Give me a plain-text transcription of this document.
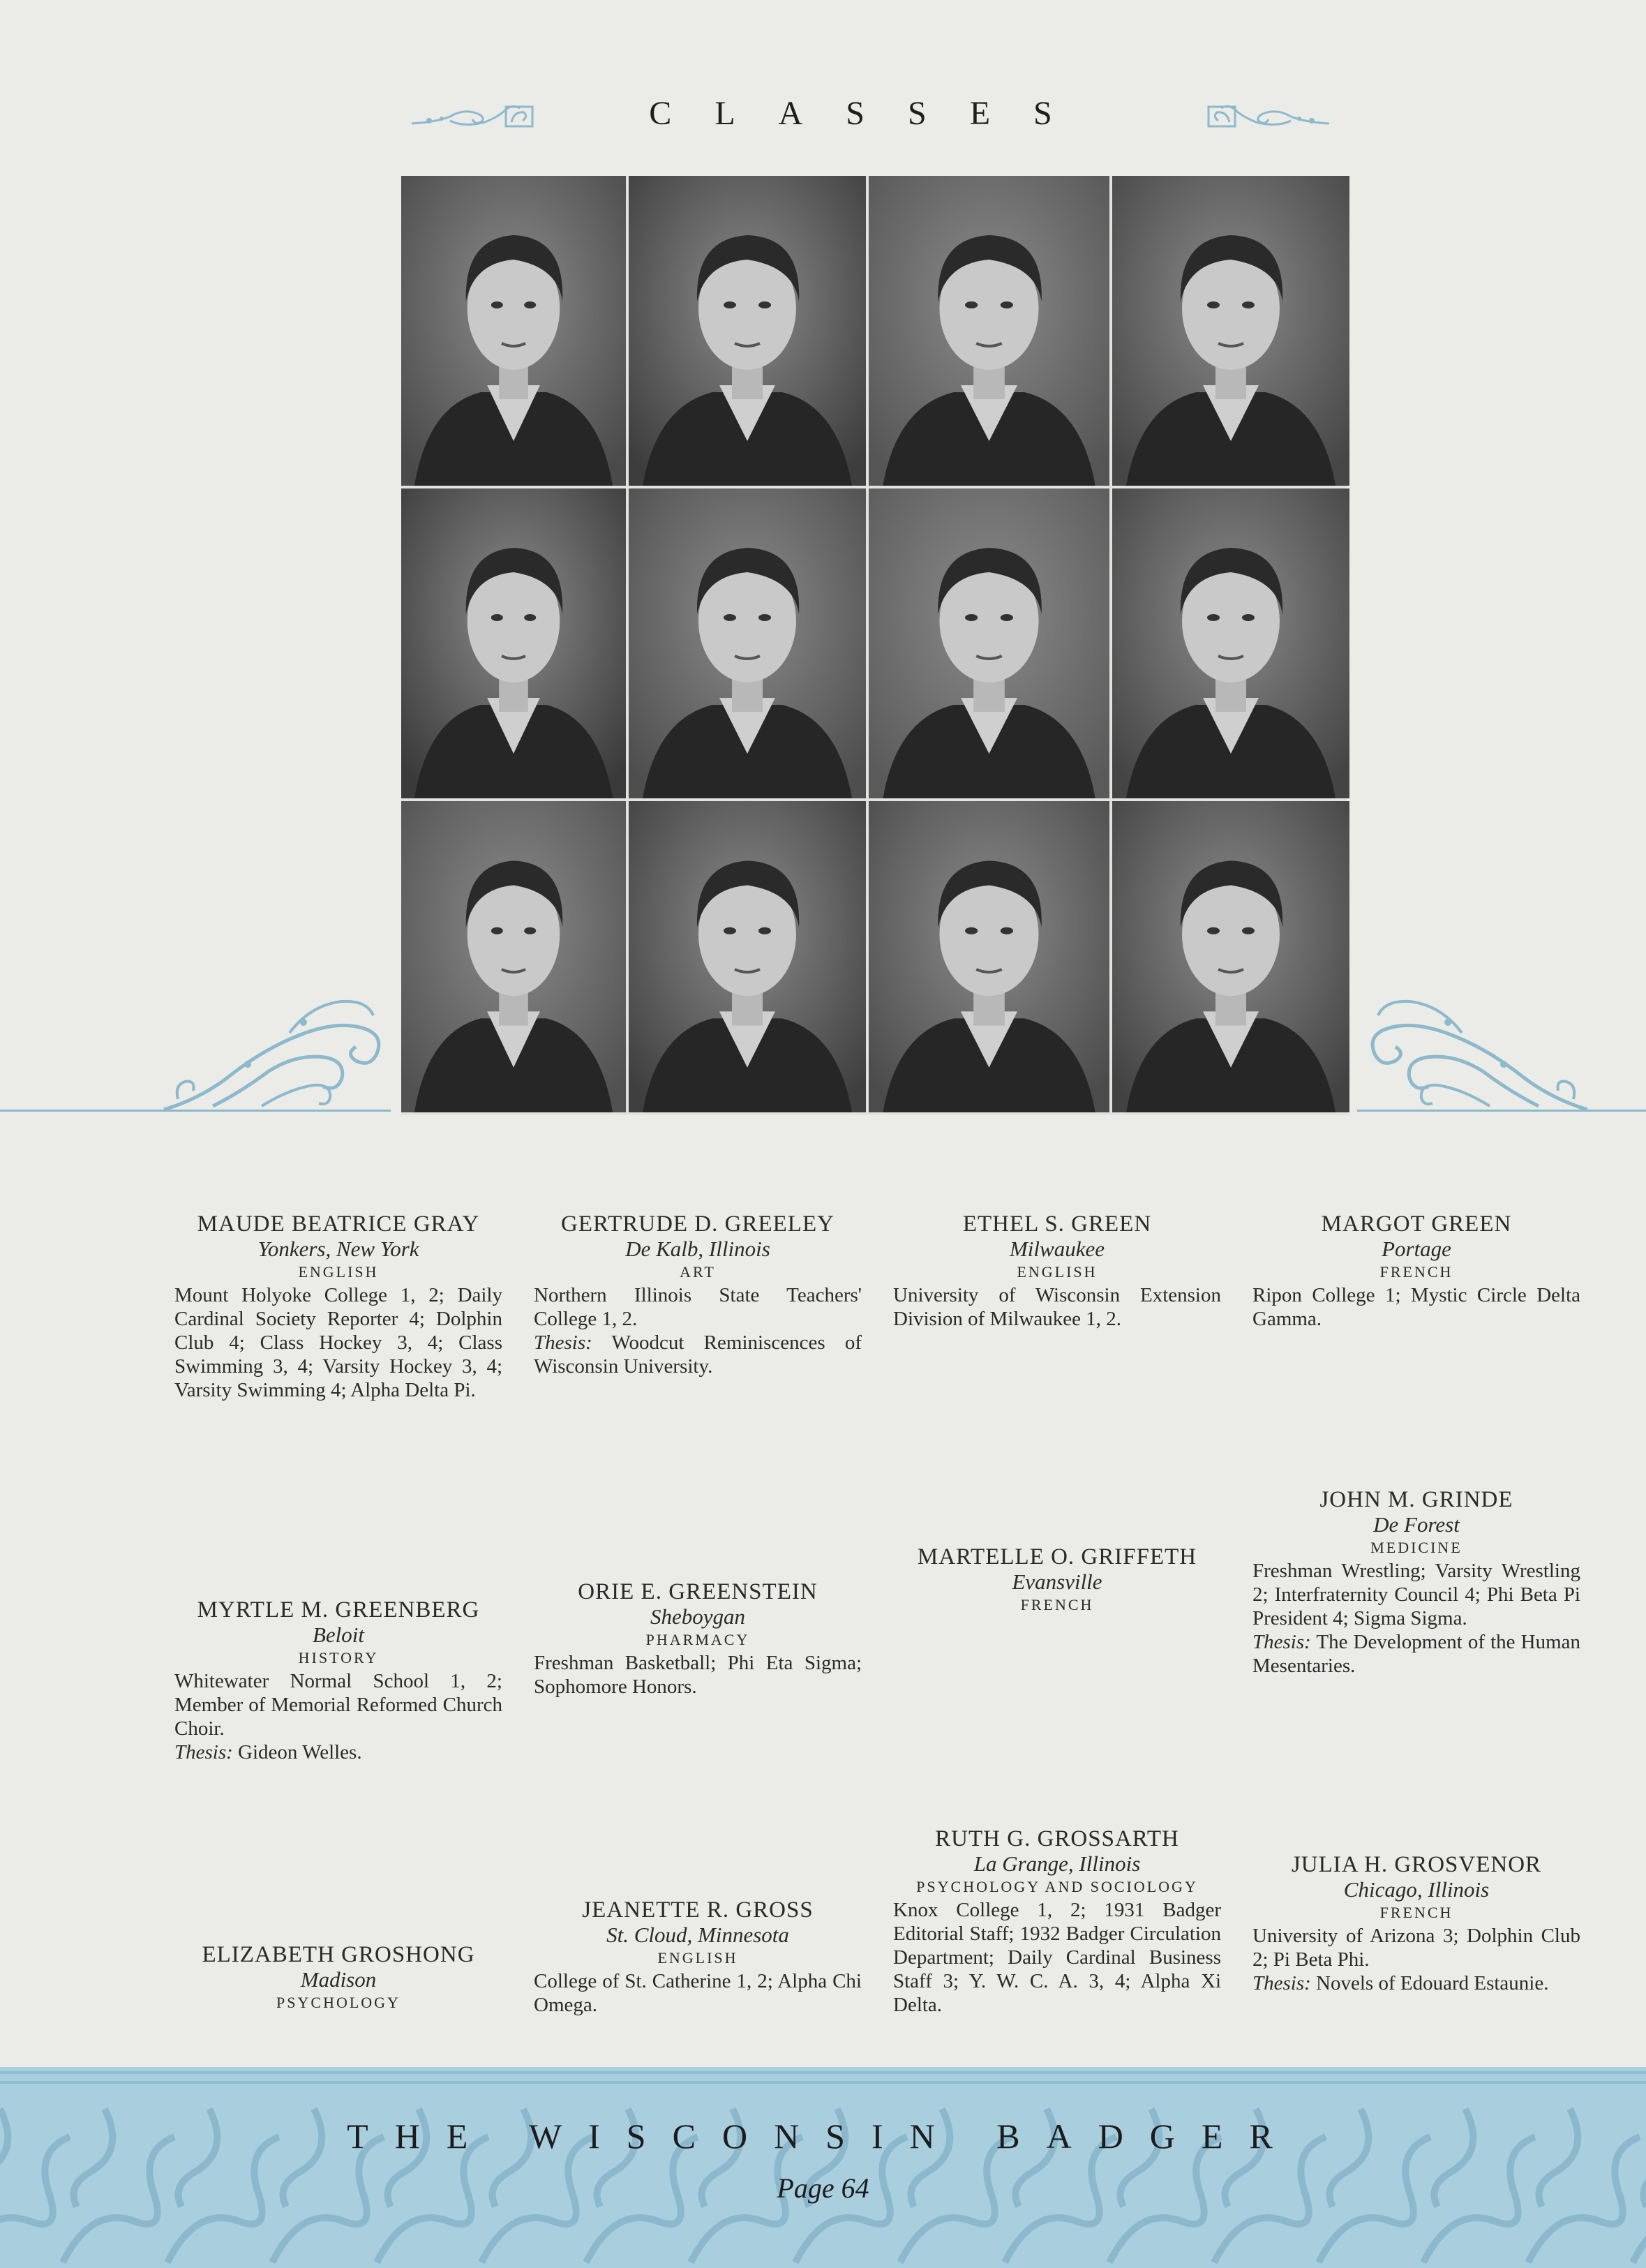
CLASSES
MAUDE BEATRICE GRAY
Yonkers, New York
ENGLISH
Mount Holyoke College 1, 2; Daily Cardinal Society Reporter 4; Dolphin Club 4; Class Hockey 3, 4; Class Swimming 3, 4; Varsity Hockey 3, 4; Varsity Swimming 4; Alpha Delta Pi.
GERTRUDE D. GREELEY
De Kalb, Illinois
ART
Northern Illinois State Teachers' College 1, 2.
Thesis: Woodcut Reminiscences of Wisconsin University.
ETHEL S. GREEN
Milwaukee
ENGLISH
University of Wisconsin Extension Division of Milwaukee 1, 2.
MARGOT GREEN
Portage
FRENCH
Ripon College 1; Mystic Circle Delta Gamma.
MYRTLE M. GREENBERG
Beloit
HISTORY
Whitewater Normal School 1, 2; Member of Memorial Reformed Church Choir.
Thesis: Gideon Welles.
ORIE E. GREENSTEIN
Sheboygan
PHARMACY
Freshman Basketball; Phi Eta Sigma; Sophomore Honors.
MARTELLE O. GRIFFETH
Evansville
FRENCH
JOHN M. GRINDE
De Forest
MEDICINE
Freshman Wrestling; Varsity Wrestling 2; Interfraternity Council 4; Phi Beta Pi President 4; Sigma Sigma.
Thesis: The Development of the Human Mesentaries.
ELIZABETH GROSHONG
Madison
PSYCHOLOGY
JEANETTE R. GROSS
St. Cloud, Minnesota
ENGLISH
College of St. Catherine 1, 2; Alpha Chi Omega.
RUTH G. GROSSARTH
La Grange, Illinois
PSYCHOLOGY AND SOCIOLOGY
Knox College 1, 2; 1931 Badger Editorial Staff; 1932 Badger Circulation Department; Daily Cardinal Business Staff 3; Y. W. C. A. 3, 4; Alpha Xi Delta.
JULIA H. GROSVENOR
Chicago, Illinois
FRENCH
University of Arizona 3; Dolphin Club 2; Pi Beta Phi.
Thesis: Novels of Edouard Estaunie.
THE WISCONSIN BADGER
Page 64
